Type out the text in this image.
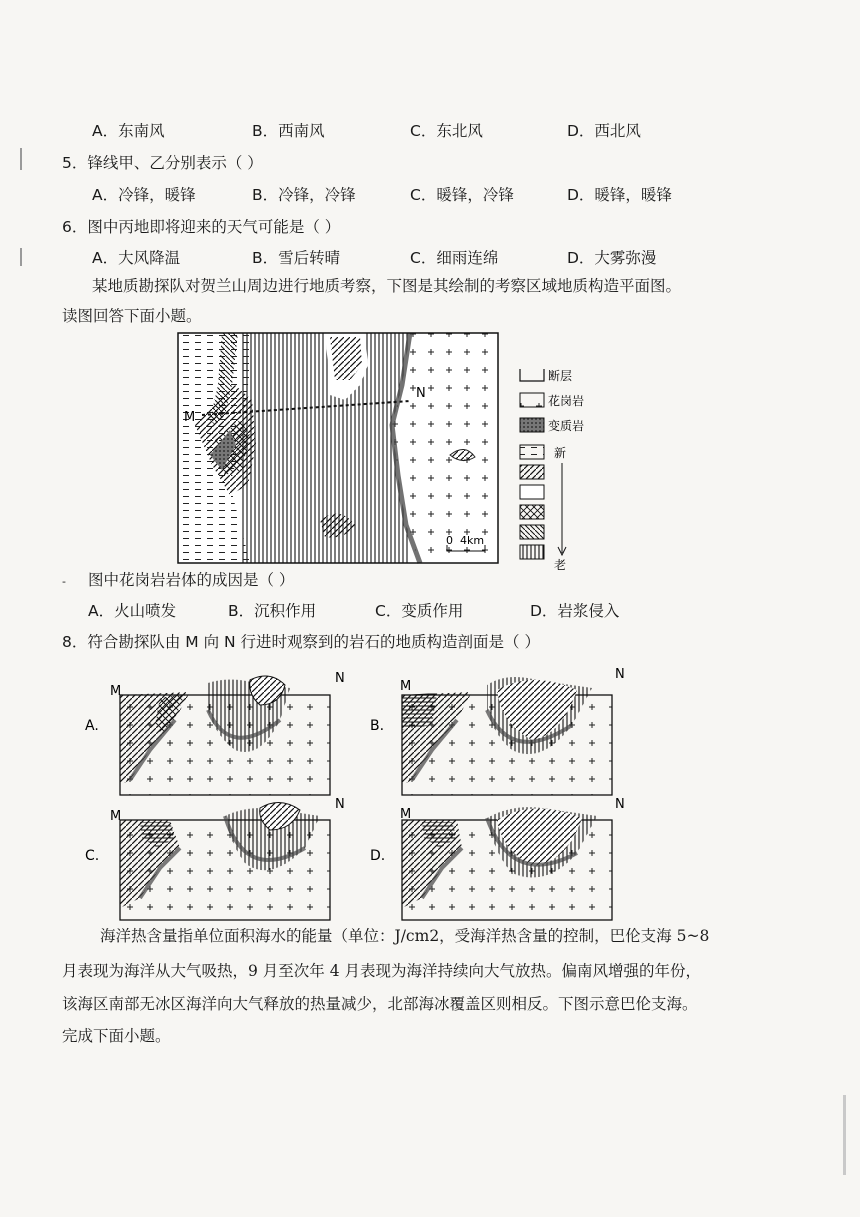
A．东南风	B．西南风	C．东北风	D．西北风
5．锋线甲、乙分别表示（ ）
A．冷锋，暖锋	B．冷锋，冷锋	C．暖锋，冷锋	D．暖锋，暖锋
6．图中丙地即将迎来的天气可能是（ ）
A．大风降温	B．雪后转晴	C．细雨连绵	D．大雾弥漫
某地质勘探队对贺兰山周边进行地质考察，下图是其绘制的考察区域地质构造平面图。
读图回答下面小题。
M
N
0 4km
断层
花岗岩
变质岩
新
老
- 图中花岗岩岩体的成因是（ ）
A．火山喷发	B．沉积作用	C．变质作用	D．岩浆侵入
8．符合勘探队由 M 向 N 行进时观察到的岩石的地质构造剖面是（ ）
A.
M
N
B.
M
N
C.
M
N
D.
M
N
海洋热含量指单位面积海水的能量（单位：J/cm2，受海洋热含量的控制，巴伦支海 5~8
月表现为海洋从大气吸热，9 月至次年 4 月表现为海洋持续向大气放热。偏南风增强的年份，
该海区南部无冰区海洋向大气释放的热量减少，北部海冰覆盖区则相反。下图示意巴伦支海。
完成下面小题。
